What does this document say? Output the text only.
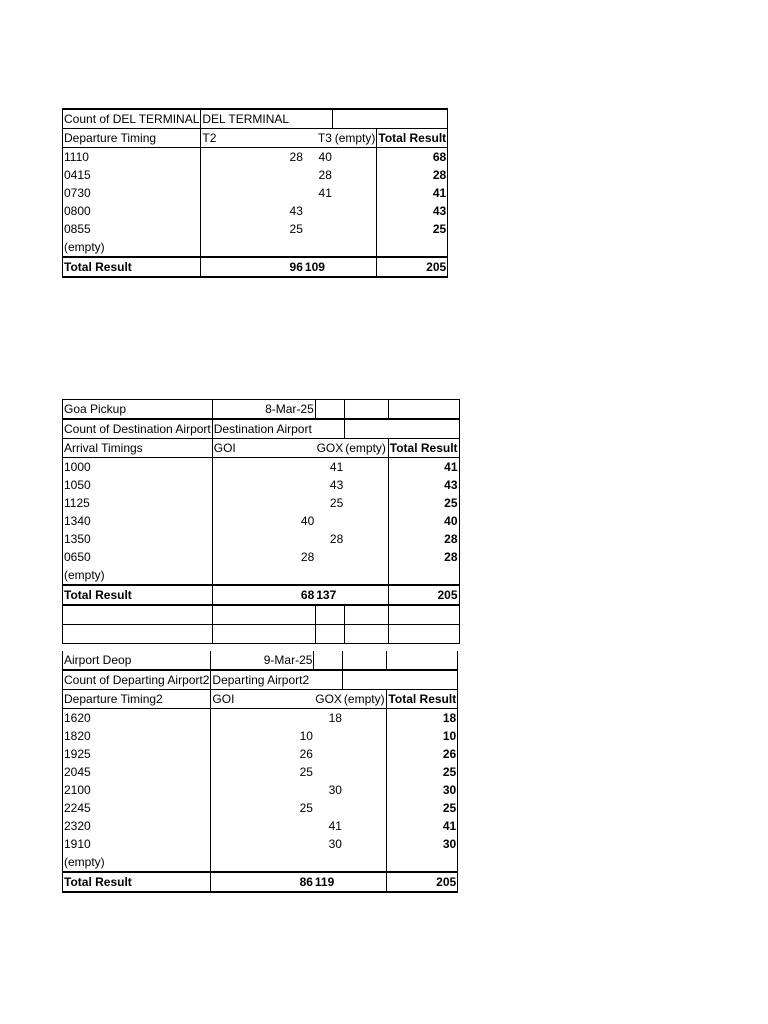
Count of DEL TERMINAL	DEL TERMINAL			
Departure Timing	T2	T3	(empty)	Total Result
1110	28	40		68
0415		28		28
0730		41		41
0800	43			43
0855	25			25
(empty)				
Total Result	96	109		205
Goa Pickup	8-Mar-25			
Count of Destination Airport	Destination Airport			
Arrival Timings	GOI	GOX	(empty)	Total Result
1000		41		41
1050		43		43
1125		25		25
1340	40			40
1350		28		28
0650	28			28
(empty)				
Total Result	68	137		205

Airport Deop	9-Mar-25			
Count of Departing Airport2	Departing Airport2			
Departure Timing2	GOI	GOX	(empty)	Total Result
1620		18		18
1820	10			10
1925	26			26
2045	25			25
2100		30		30
2245	25			25
2320		41		41
1910		30		30
(empty)				
Total Result	86	119		205
